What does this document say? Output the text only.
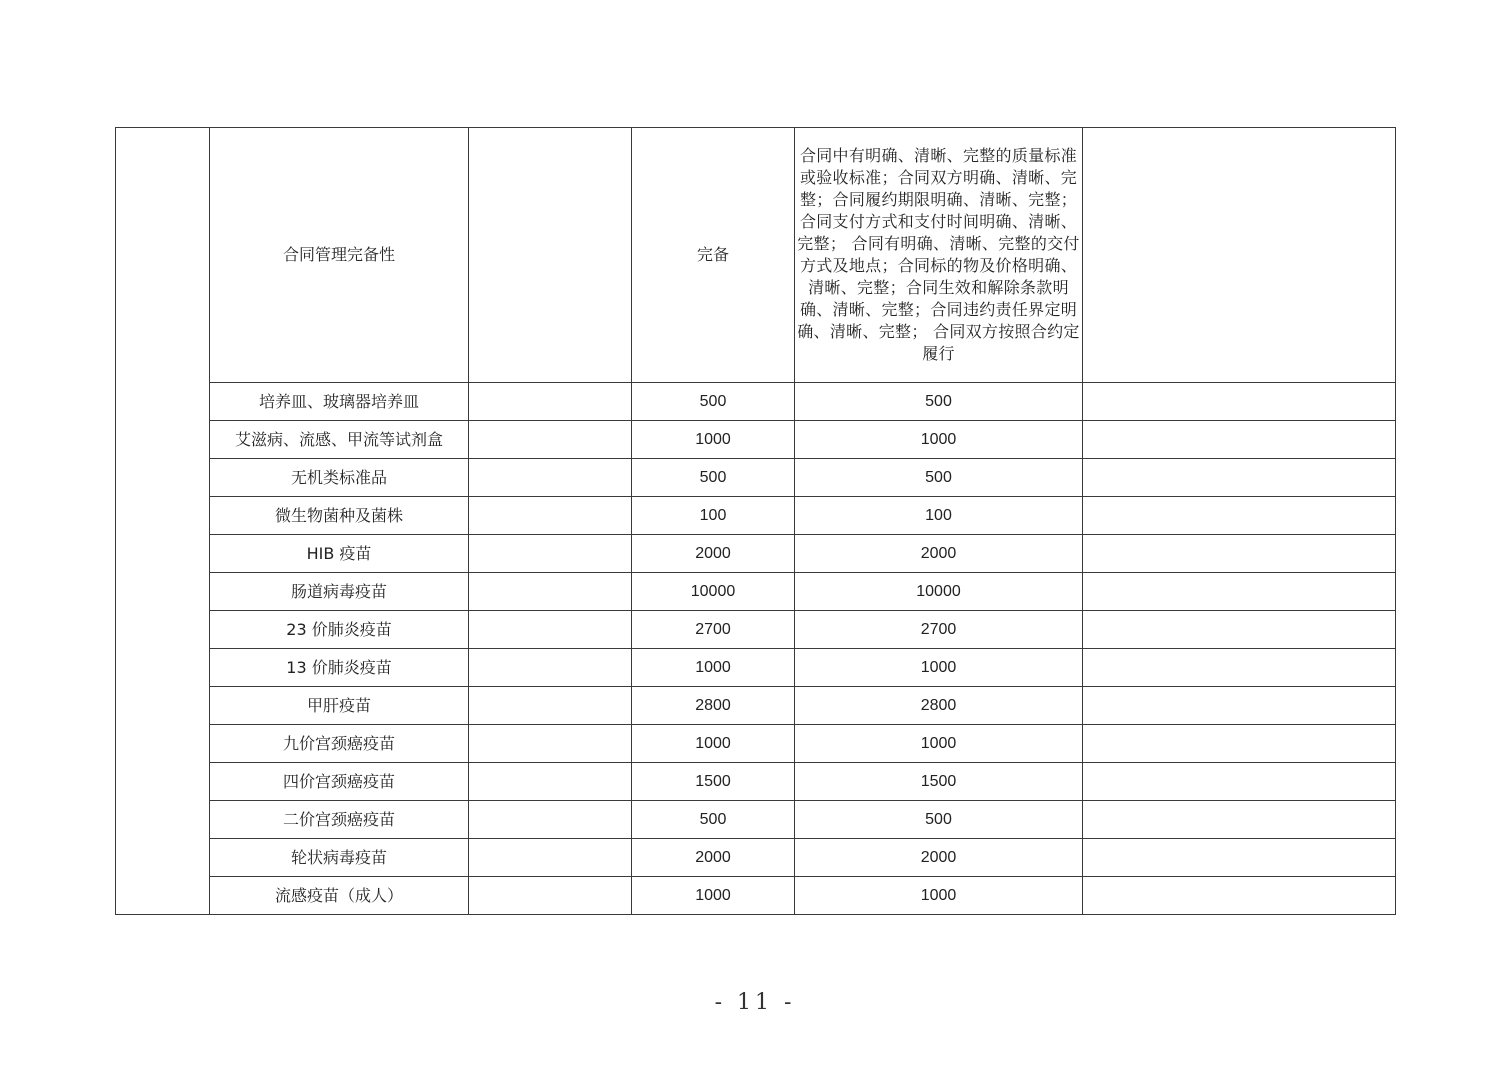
	合同管理完备性		完备	合同中有明确、清晰、完整的质量标准或验收标准；合同双方明确、清晰、完整；合同履约期限明确、清晰、完整；合同支付方式和支付时间明确、清晰、完整； 合同有明确、清晰、完整的交付方式及地点；合同标的物及价格明确、清晰、完整；合同生效和解除条款明确、清晰、完整；合同违约责任界定明确、清晰、完整； 合同双方按照合约定履行	
	培养皿、玻璃器培养皿		500	500	
	艾滋病、流感、甲流等试剂盒		1000	1000	
	无机类标准品		500	500	
	微生物菌种及菌株		100	100	
	HIB 疫苗		2000	2000	
	肠道病毒疫苗		10000	10000	
	23 价肺炎疫苗		2700	2700	
	13 价肺炎疫苗		1000	1000	
	甲肝疫苗		2800	2800	
	九价宫颈癌疫苗		1000	1000	
	四价宫颈癌疫苗		1500	1500	
	二价宫颈癌疫苗		500	500	
	轮状病毒疫苗		2000	2000	
	流感疫苗（成人）		1000	1000	
- 11 -
